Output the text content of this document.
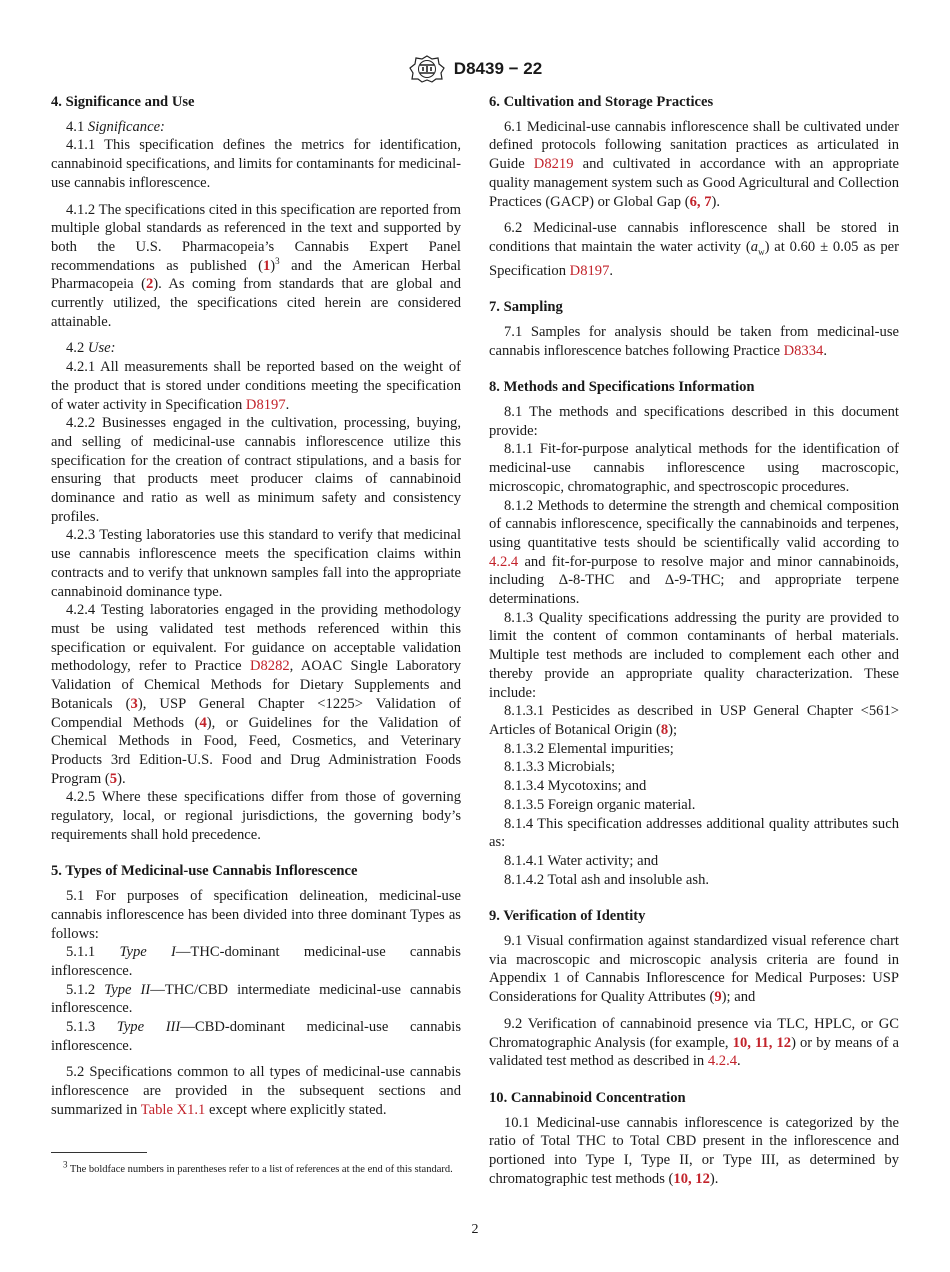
D8439 − 22
4. Significance and Use

4.1 Significance:

4.1.1 This specification defines the metrics for identification, cannabinoid specifications, and limits for contaminants for medicinal-use cannabis inflorescence.

4.1.2 The specifications cited in this specification are reported from multiple global standards as referenced in the text and supported by both the U.S. Pharmacopeia’s Cannabis Expert Panel recommendations as published $(1)^3$ and the American Herbal Pharmacopeia (2). As coming from standards that are global and currently utilized, the specifications cited herein are considered attainable.

4.2 Use:

4.2.1 All measurements shall be reported based on the weight of the product that is stored under conditions meeting the specification of water activity in Specification D8197.

4.2.2 Businesses engaged in the cultivation, processing, buying, and selling of medicinal-use cannabis inflorescence utilize this specification for the creation of contract stipulations, and a basis for ensuring that products meet producer claims of cannabinoid dominance and ratio as well as minimum safety and consistency profiles.

4.2.3 Testing laboratories use this standard to verify that medicinal use cannabis inflorescence meets the specification claims within contracts and to verify that unknown samples fall into the appropriate cannabinoid dominance type.

4.2.4 Testing laboratories engaged in the providing methodology must be using validated test methods referenced within this specification or equivalent. For guidance on acceptable validation methodology, refer to Practice D8282, AOAC Single Laboratory Validation of Chemical Methods for Dietary Supplements and Botanicals (3), USP General Chapter <1225> Validation of Compendial Methods (4), or Guidelines for the Validation of Chemical Methods in Food, Feed, Cosmetics, and Veterinary Products 3rd Edition-U.S. Food and Drug Administration Foods Program (5).

4.2.5 Where these specifications differ from those of governing regulatory, local, or regional jurisdictions, the governing body’s requirements shall hold precedence.

5. Types of Medicinal-use Cannabis Inflorescence

5.1 For purposes of specification delineation, medicinal-use cannabis inflorescence has been divided into three dominant Types as follows:

5.1.1 Type I—THC-dominant medicinal-use cannabis inflorescence.

5.1.2 Type II—THC/CBD intermediate medicinal-use cannabis inflorescence.

5.1.3 Type III—CBD-dominant medicinal-use cannabis inflorescence.

5.2 Specifications common to all types of medicinal-use cannabis inflorescence are provided in the subsequent sections and summarized in Table X1.1 except where explicitly stated.

$^3$ The boldface numbers in parentheses refer to a list of references at the end of this standard.
6. Cultivation and Storage Practices

6.1 Medicinal-use cannabis inflorescence shall be cultivated under defined protocols following sanitation practices as articulated in Guide D8219 and cultivated in accordance with an appropriate quality management system such as Good Agricultural and Collection Practices (GACP) or Global Gap (6, 7).

6.2 Medicinal-use cannabis inflorescence shall be stored in conditions that maintain the water activity $(a_w)$ at 0.60 ± 0.05 as per Specification D8197.

7. Sampling

7.1 Samples for analysis should be taken from medicinal-use cannabis inflorescence batches following Practice D8334.

8. Methods and Specifications Information

8.1 The methods and specifications described in this document provide:

8.1.1 Fit-for-purpose analytical methods for the identification of medicinal-use cannabis inflorescence using macroscopic, microscopic, chromatographic, and spectroscopic procedures.

8.1.2 Methods to determine the strength and chemical composition of cannabis inflorescence, specifically the cannabinoids and terpenes, using quantitative tests should be scientifically valid according to 4.2.4 and fit-for-purpose to resolve major and minor cannabinoids, including Δ-8-THC and Δ-9-THC; and appropriate terpene determinations.

8.1.3 Quality specifications addressing the purity are provided to limit the content of common contaminants of herbal materials. Multiple test methods are included to complement each other and thereby provide an appropriate quality characterization. These include:

8.1.3.1 Pesticides as described in USP General Chapter <561> Articles of Botanical Origin (8);

8.1.3.2 Elemental impurities;

8.1.3.3 Microbials;

8.1.3.4 Mycotoxins; and

8.1.3.5 Foreign organic material.

8.1.4 This specification addresses additional quality attributes such as:

8.1.4.1 Water activity; and

8.1.4.2 Total ash and insoluble ash.

9. Verification of Identity

9.1 Visual confirmation against standardized visual reference chart via macroscopic and microscopic analysis criteria are found in Appendix 1 of Cannabis Inflorescence for Medical Purposes: USP Considerations for Quality Attributes (9); and

9.2 Verification of cannabinoid presence via TLC, HPLC, or GC Chromatographic Analysis (for example, 10, 11, 12) or by means of a validated test method as described in 4.2.4.

10. Cannabinoid Concentration

10.1 Medicinal-use cannabis inflorescence is categorized by the ratio of Total THC to Total CBD present in the inflorescence and portioned into Type I, Type II, or Type III, as determined by chromatographic test methods (10, 12).

2
